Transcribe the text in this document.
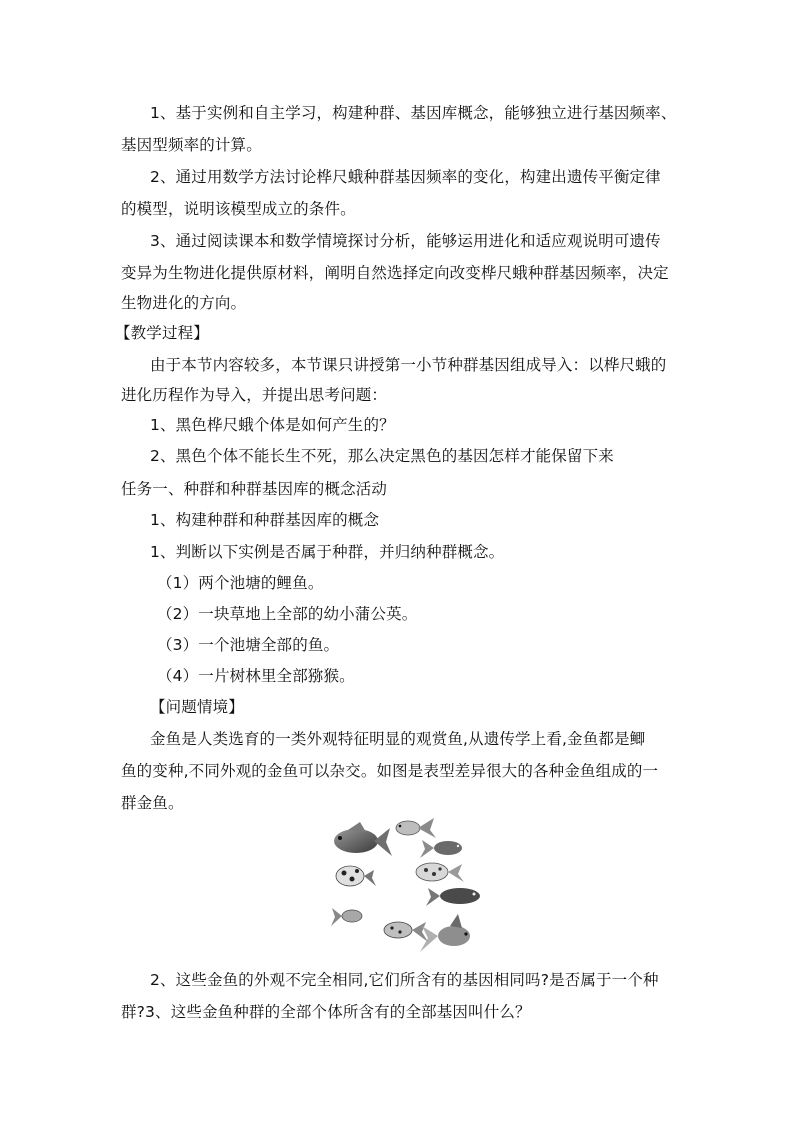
1、基于实例和自主学习，构建种群、基因库概念，能够独立进行基因频率、
基因型频率的计算。
2、通过用数学方法讨论桦尺蛾种群基因频率的变化，构建出遗传平衡定律
的模型，说明该模型成立的条件。
3、通过阅读课本和数学情境探讨分析，能够运用进化和适应观说明可遗传
变异为生物进化提供原材料，阐明自然选择定向改变桦尺蛾种群基因频率，决定
生物进化的方向。
【教学过程】
由于本节内容较多，本节课只讲授第一小节种群基因组成导入：以桦尺蛾的
进化历程作为导入，并提出思考问题：
1、黑色桦尺蛾个体是如何产生的？
2、黑色个体不能长生不死，那么决定黑色的基因怎样才能保留下来
任务一、种群和种群基因库的概念活动
1、构建种群和种群基因库的概念
1、判断以下实例是否属于种群，并归纳种群概念。
（1）两个池塘的鲤鱼。
（2）一块草地上全部的幼小蒲公英。
（3）一个池塘全部的鱼。
（4）一片树林里全部猕猴。
【问题情境】
金鱼是人类选育的一类外观特征明显的观赏鱼,从遗传学上看,金鱼都是鲫
鱼的变种,不同外观的金鱼可以杂交。如图是表型差异很大的各种金鱼组成的一
群金鱼。
2、这些金鱼的外观不完全相同,它们所含有的基因相同吗?是否属于一个种
群?3、这些金鱼种群的全部个体所含有的全部基因叫什么？
